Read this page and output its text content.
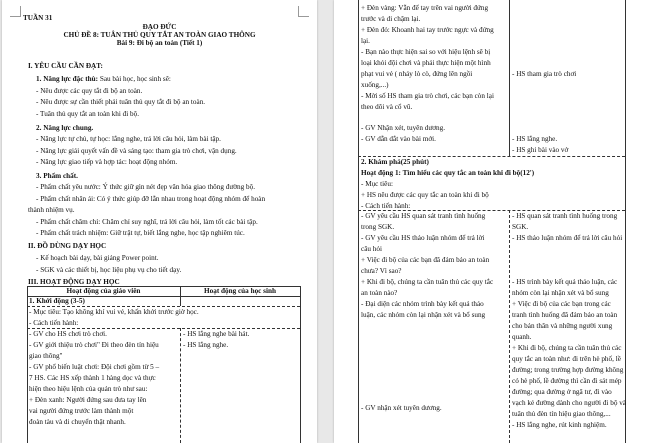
TUẦN 31
ĐẠO ĐỨC
CHỦ ĐỀ 8: TUÂN THỦ QUY TẮT AN TOÀN GIAO THÔNG
Bài 9: Đi bộ an toàn (Tiết 1)
I. YÊU CẦU CẦN ĐẠT:
1. Năng lực đặc thù: Sau bài học, học sinh sẽ:
- Nêu được các quy tắt đi bộ an toàn.
- Nêu được sự cần thiết phải tuân thủ quy tắt đi bộ an toàn.
- Tuân thủ quy tắt an toàn khi đi bộ.
2. Năng lực chung.
- Năng lực tự chủ, tự học: lắng nghe, trả lời câu hỏi, làm bài tập.
- Năng lực giải quyết vấn đề và sáng tạo: tham gia trò chơi, vận dụng.
- Năng lực giao tiếp và hợp tác: hoạt động nhóm.
3. Phẩm chất.
- Phẩm chất yêu nước: Ý thức giữ gìn nét đẹp văn hóa giao thông đường bộ.
- Phẩm chất nhân ái: Có ý thức giúp đỡ lẫn nhau trong hoạt động nhóm để hoàn
thành nhiệm vụ.
- Phẩm chất chăm chỉ: Chăm chỉ suy nghĩ, trả lời câu hỏi, làm tốt các bài tập.
- Phẩm chất trách nhiệm: Giữ trật tự, biết lắng nghe, học tập nghiêm túc.
II. ĐỒ DÙNG DẠY HỌC
- Kế hoạch bài dạy, bài giảng Power point.
- SGK và các thiết bị, học liệu phụ vụ cho tiết dạy.
III. HOẠT ĐỘNG DẠY HỌC
Hoạt động của giáo viên	Hoạt động của học sinh
1. Khởi động (3-5)
- Mục tiêu: Tạo không khí vui vẻ, khấn khởi trước giờ học.
- Cách tiến hành:
- GV cho HS chơi trò chơi.
- GV giới thiệu trò chơi" Đi theo đèn tín hiệu
giao thông"
- GV phổ biến luật chơi: Đội chơi gồm từ 5 –
7 HS. Các HS xếp thành 1 hàng dọc và thực
hiện theo hiệu lệnh của quản trò như sau:
+ Đèn xanh: Người đứng sau đưa tay lên
vai người đứng trước làm thành một
đoàn tàu và di chuyển thật nhanh.
- HS lắng nghe bài hát.
- HS lắng nghe.
+ Đèn vàng: Vẫn để tay trên vai người đứng
trước và di chậm lại.
+ Đèn đỏ: Khoanh hai tay trước ngực và đứng
lại.
- Bạn nào thực hiện sai so với hiệu lệnh sẽ bị
loại khỏi đội chơi và phải thực hiện một hình
phạt vui vẻ ( nhảy lò cò, đứng lên ngồi
xuống,...)
- Mời số HS tham gia trò chơi, các bạn còn lại
theo dõi và cổ vũ.
- GV Nhận xét, tuyên dương.
- GV dẫn dắt vào bài mới.
- HS tham gia trò chơi
- HS lắng nghe.
- HS ghi bài vào vở
2. Khám phá(25 phút)
Hoạt động 1: Tìm hiểu các quy tắc an toàn khi đi bộ(12')
- Mục tiêu:
+ HS nêu được các quy tắc an toàn khi đi bộ
- Cách tiến hành:
- GV yêu cầu HS quan sát tranh tình huống
trong SGK.
- GV yêu cầu HS thảo luận nhóm để trả lời
câu hỏi
+ Việc đi bộ của các bạn đã đảm bảo an toàn
chưa? Vì sao?
+ Khi đi bộ, chúng ta cần tuân thủ các quy tắc
an toàn nào?
- Đại diện các nhóm trình bày kết quả thảo
luận, các nhóm còn lại nhận xét và bổ sung
- GV nhận xét tuyên dương.
- HS quan sát tranh tình huống trong
SGK.
- HS thảo luận nhóm để trả lời câu hỏi
- HS trình bày kết quả thảo luận, các
nhóm còn lại nhận xét và bổ sung
+ Việc đi bộ của các bạn trong các
tranh tình huống đã đảm bảo an toàn
cho bản thân và những người xung
quanh.
+ Khi đi bộ, chúng ta cần tuân thủ các
quy tắc an toàn như: đi trên hè phố, lề
đường; trong trường hợp đường không
có hè phố, lề đường thì cần đi sát mép
đường; qua đường ở ngã tư, đi vào
vạch kẻ đường dành cho người đi bộ và
tuân thủ đèn tín hiệu giao thông,...
- HS lắng nghe, rút kinh nghiệm.
